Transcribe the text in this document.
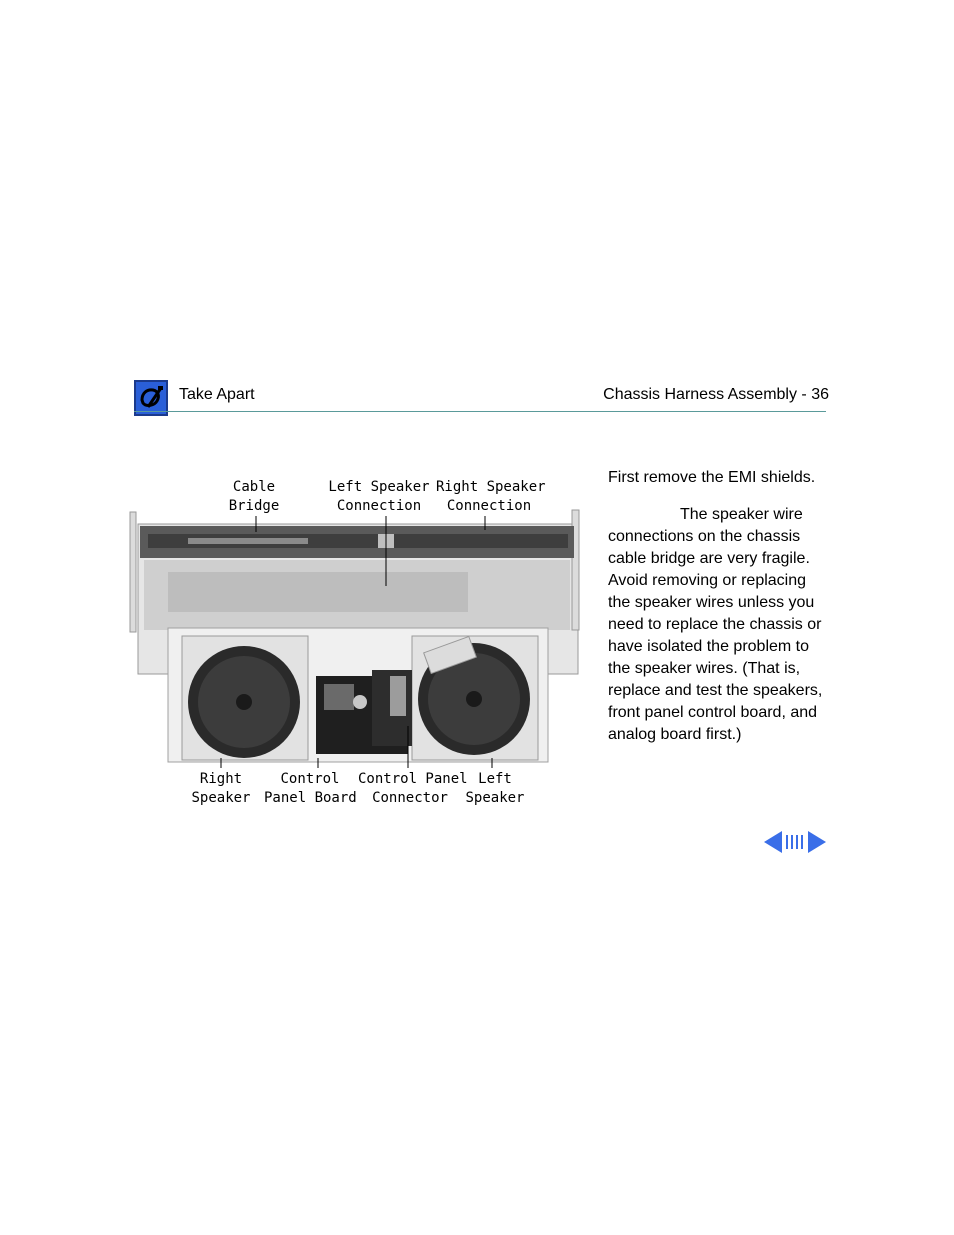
Take Apart	Chassis Harness Assembly - 36
Cable
Bridge
Left Speaker
Connection
Right Speaker
Connection
Right
Speaker
Control
Panel Board
Control Panel
Connector
Left
Speaker

First remove the EMI shields.

The speaker wire connections on the chassis cable bridge are very fragile. Avoid removing or replacing the speaker wires unless you need to replace the chassis or have isolated the problem to the speaker wires. (That is, replace and test the speakers, front panel control board, and analog board first.)
